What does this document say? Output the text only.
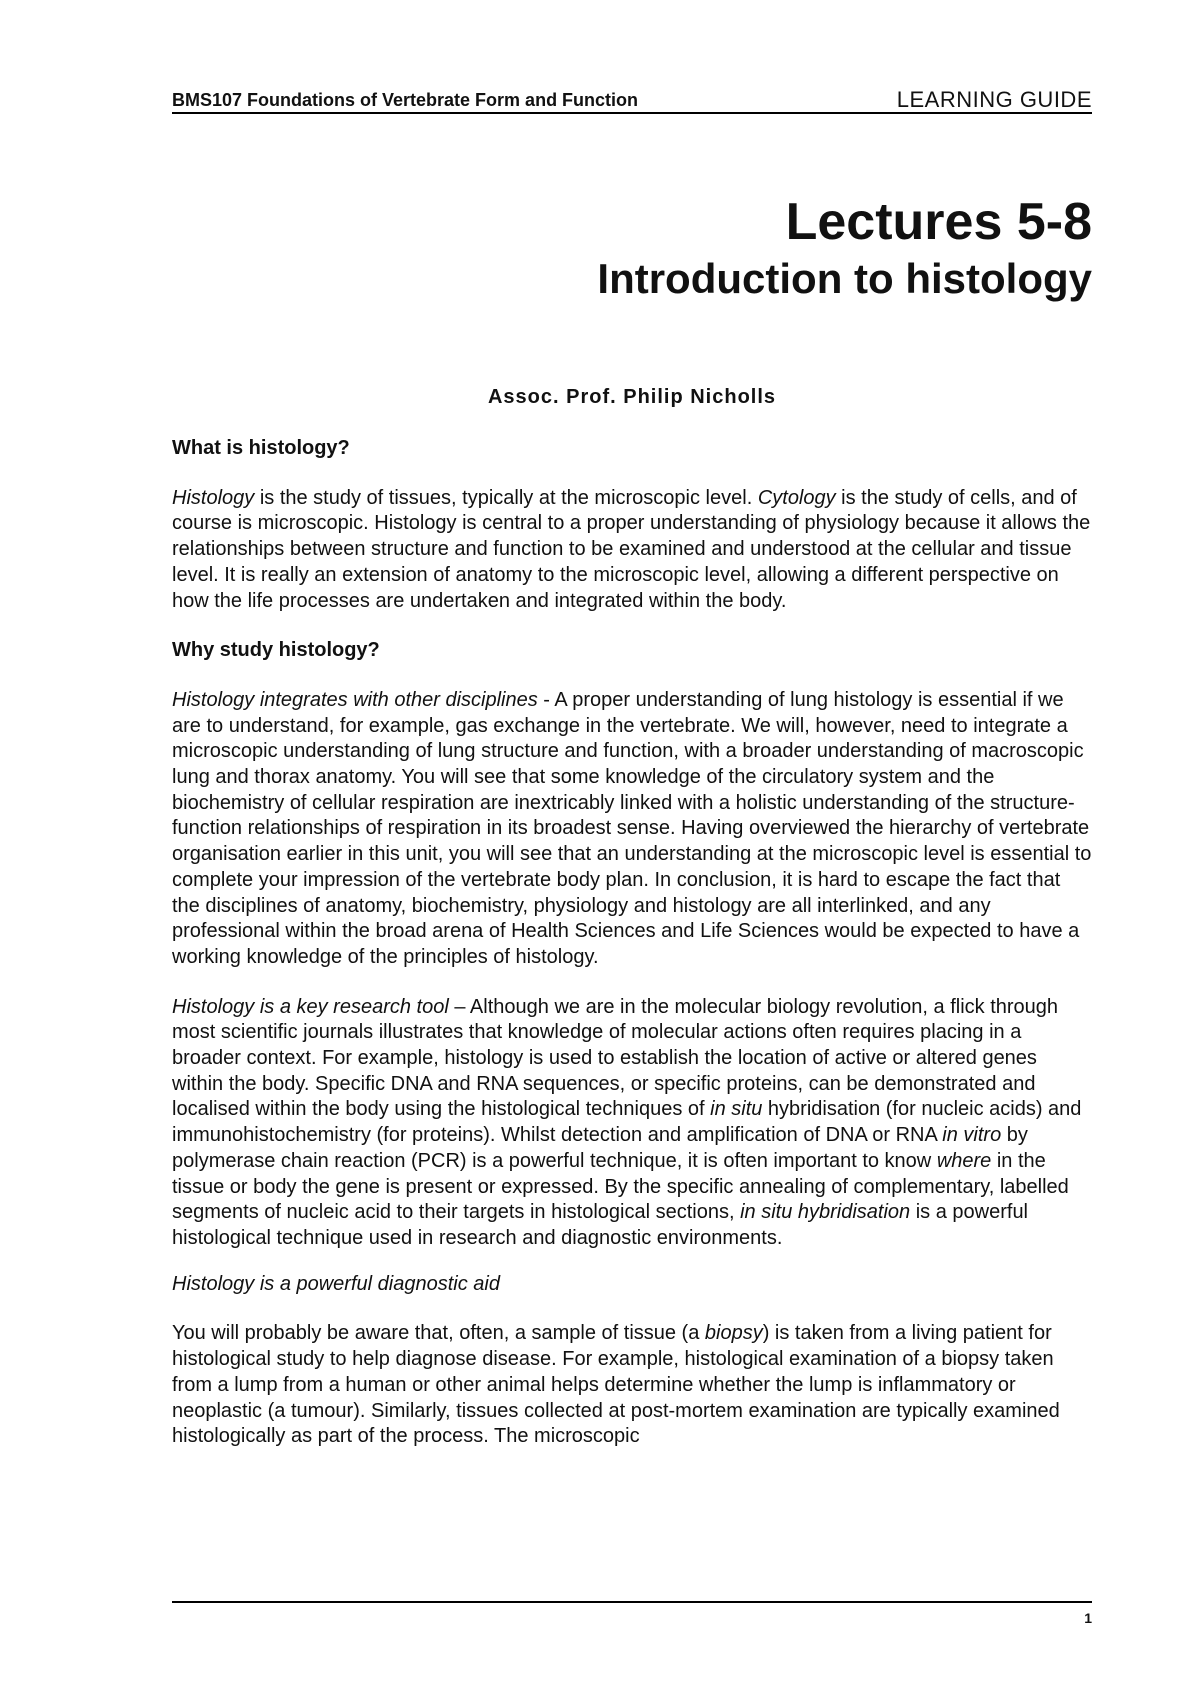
BMS107 Foundations of Vertebrate Form and Function	LEARNING GUIDE
Lectures 5-8
Introduction to histology
Assoc. Prof. Philip Nicholls
What is histology?

Histology is the study of tissues, typically at the microscopic level. Cytology is the study of cells, and of course is microscopic. Histology is central to a proper understanding of physiology because it allows the relationships between structure and function to be examined and understood at the cellular and tissue level. It is really an extension of anatomy to the microscopic level, allowing a different perspective on how the life processes are undertaken and integrated within the body.

Why study histology?

Histology integrates with other disciplines - A proper understanding of lung histology is essential if we are to understand, for example, gas exchange in the vertebrate. We will, however, need to integrate a microscopic understanding of lung structure and function, with a broader understanding of macroscopic lung and thorax anatomy. You will see that some knowledge of the circulatory system and the biochemistry of cellular respiration are inextricably linked with a holistic understanding of the structure-function relationships of respiration in its broadest sense. Having overviewed the hierarchy of vertebrate organisation earlier in this unit, you will see that an understanding at the microscopic level is essential to complete your impression of the vertebrate body plan. In conclusion, it is hard to escape the fact that the disciplines of anatomy, biochemistry, physiology and histology are all interlinked, and any professional within the broad arena of Health Sciences and Life Sciences would be expected to have a working knowledge of the principles of histology.

Histology is a key research tool – Although we are in the molecular biology revolution, a flick through most scientific journals illustrates that knowledge of molecular actions often requires placing in a broader context. For example, histology is used to establish the location of active or altered genes within the body. Specific DNA and RNA sequences, or specific proteins, can be demonstrated and localised within the body using the histological techniques of in situ hybridisation (for nucleic acids) and immunohistochemistry (for proteins). Whilst detection and amplification of DNA or RNA in vitro by polymerase chain reaction (PCR) is a powerful technique, it is often important to know where in the tissue or body the gene is present or expressed. By the specific annealing of complementary, labelled segments of nucleic acid to their targets in histological sections, in situ hybridisation is a powerful histological technique used in research and diagnostic environments.

Histology is a powerful diagnostic aid

You will probably be aware that, often, a sample of tissue (a biopsy) is taken from a living patient for histological study to help diagnose disease. For example, histological examination of a biopsy taken from a lump from a human or other animal helps determine whether the lump is inflammatory or neoplastic (a tumour). Similarly, tissues collected at post-mortem examination are typically examined histologically as part of the process. The microscopic

1
